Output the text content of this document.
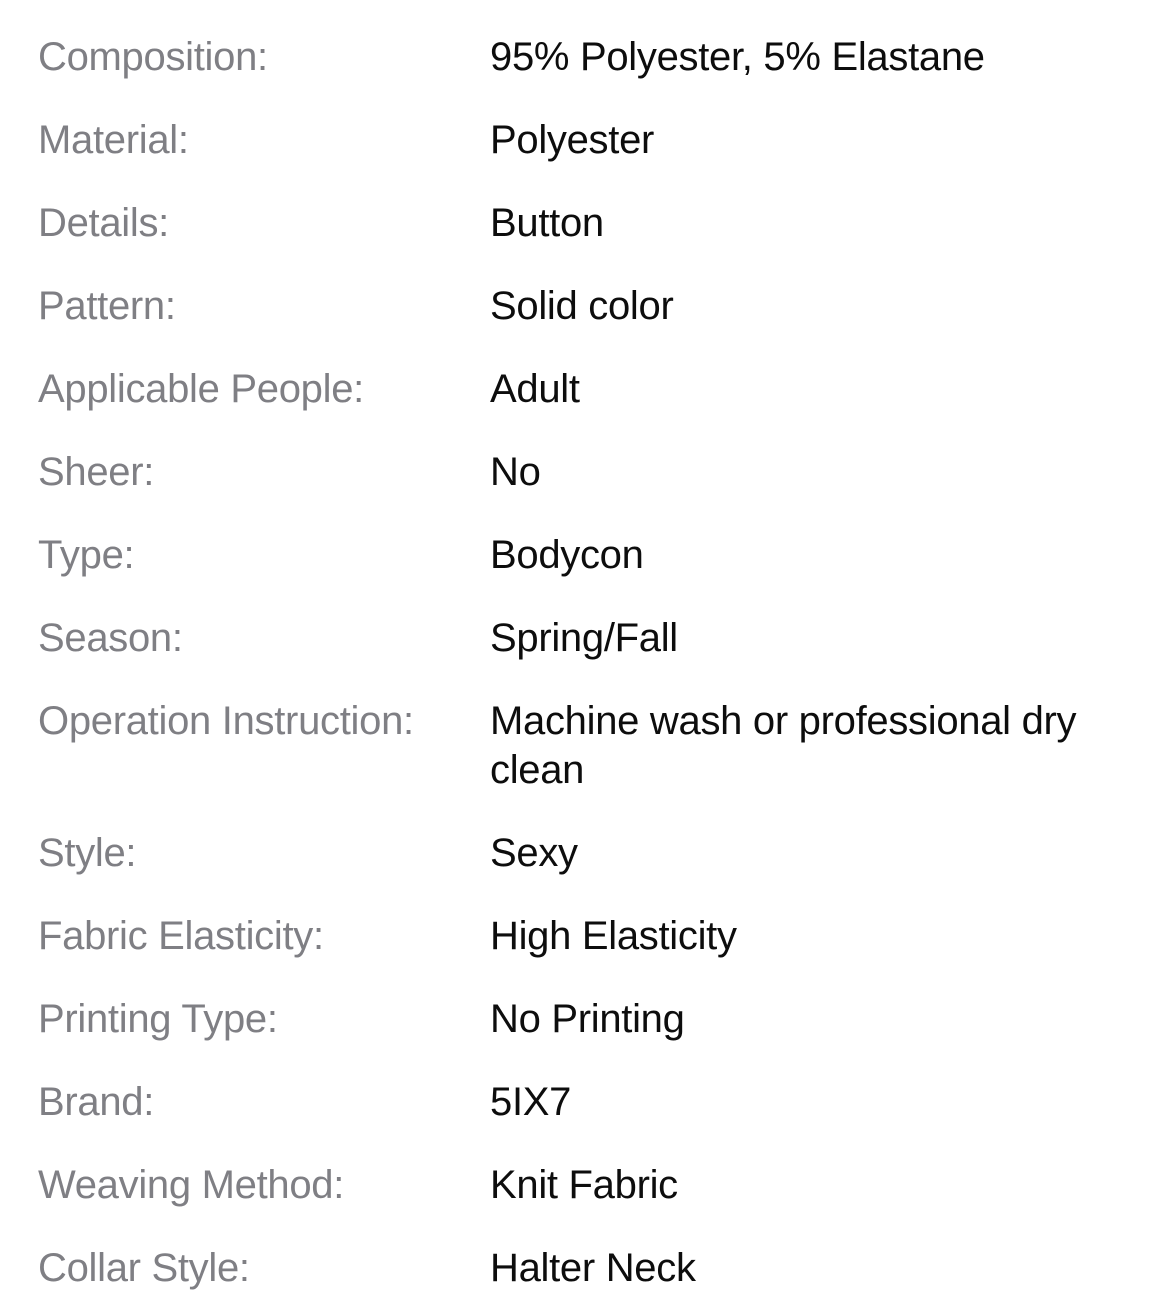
Composition:	95% Polyester, 5% Elastane
Material:	Polyester
Details:	Button
Pattern:	Solid color
Applicable People:	Adult
Sheer:	No
Type:	Bodycon
Season:	Spring/Fall
Operation Instruction:	Machine wash or professional dry clean
Style:	Sexy
Fabric Elasticity:	High Elasticity
Printing Type:	No Printing
Brand:	5IX7
Weaving Method:	Knit Fabric
Collar Style:	Halter Neck
